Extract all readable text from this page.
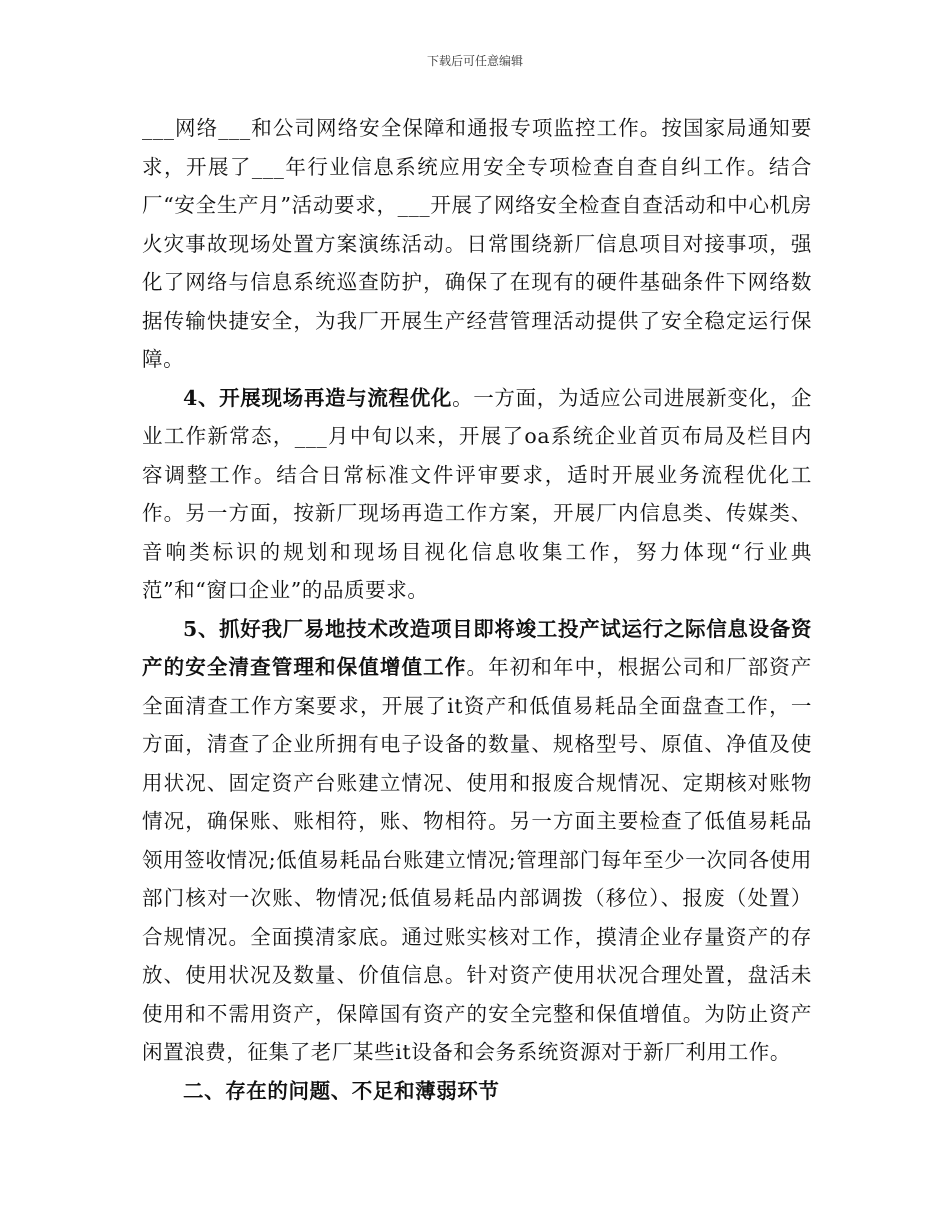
下载后可任意编辑

___网络___和公司网络安全保障和通报专项监控工作。按国家局通知要求，开展了___年行业信息系统应用安全专项检查自查自纠工作。结合厂“安全生产月”活动要求，___开展了网络安全检查自查活动和中心机房火灾事故现场处置方案演练活动。日常围绕新厂信息项目对接事项，强化了网络与信息系统巡查防护，确保了在现有的硬件基础条件下网络数据传输快捷安全，为我厂开展生产经营管理活动提供了安全稳定运行保障。

4、开展现场再造与流程优化。一方面，为适应公司进展新变化，企业工作新常态，___月中旬以来，开展了oa系统企业首页布局及栏目内容调整工作。结合日常标准文件评审要求，适时开展业务流程优化工作。另一方面，按新厂现场再造工作方案，开展厂内信息类、传媒类、音响类标识的规划和现场目视化信息收集工作，努力体现“行业典范”和“窗口企业”的品质要求。

5、抓好我厂易地技术改造项目即将竣工投产试运行之际信息设备资产的安全清查管理和保值增值工作。年初和年中，根据公司和厂部资产全面清查工作方案要求，开展了it资产和低值易耗品全面盘查工作，一方面，清查了企业所拥有电子设备的数量、规格型号、原值、净值及使用状况、固定资产台账建立情况、使用和报废合规情况、定期核对账物情况，确保账、账相符，账、物相符。另一方面主要检查了低值易耗品领用签收情况;低值易耗品台账建立情况;管理部门每年至少一次同各使用部门核对一次账、物情况;低值易耗品内部调拨（移位）、报废（处置）合规情况。全面摸清家底。通过账实核对工作，摸清企业存量资产的存放、使用状况及数量、价值信息。针对资产使用状况合理处置，盘活未使用和不需用资产，保障国有资产的安全完整和保值增值。为防止资产闲置浪费，征集了老厂某些it设备和会务系统资源对于新厂利用工作。

二、存在的问题、不足和薄弱环节
